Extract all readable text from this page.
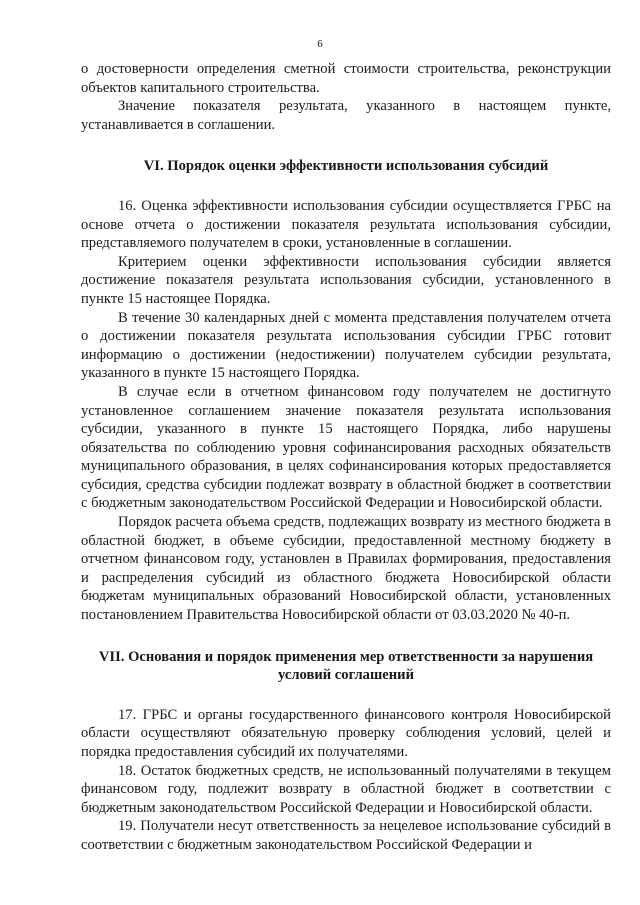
6

о достоверности определения сметной стоимости строительства, реконструкции объектов капитального строительства.

Значение показателя результата, указанного в настоящем пункте, устанавливается в соглашении.

VI. Порядок оценки эффективности использования субсидий

16. Оценка эффективности использования субсидии осуществляется ГРБС на основе отчета о достижении показателя результата использования субсидии, представляемого получателем в сроки, установленные в соглашении.

Критерием оценки эффективности использования субсидии является достижение показателя результата использования субсидии, установленного в пункте 15 настоящее Порядка.

В течение 30 календарных дней с момента представления получателем отчета о достижении показателя результата использования субсидии ГРБС готовит информацию о достижении (недостижении) получателем субсидии результата, указанного в пункте 15 настоящего Порядка.

В случае если в отчетном финансовом году получателем не достигнуто установленное соглашением значение показателя результата использования субсидии, указанного в пункте 15 настоящего Порядка, либо нарушены обязательства по соблюдению уровня софинансирования расходных обязательств муниципального образования, в целях софинансирования которых предоставляется субсидия, средства субсидии подлежат возврату в областной бюджет в соответствии с бюджетным законодательством Российской Федерации и Новосибирской области.

Порядок расчета объема средств, подлежащих возврату из местного бюджета в областной бюджет, в объеме субсидии, предоставленной местному бюджету в отчетном финансовом году, установлен в Правилах формирования, предоставления и распределения субсидий из областного бюджета Новосибирской области бюджетам муниципальных образований Новосибирской области, установленных постановлением Правительства Новосибирской области от 03.03.2020 № 40-п.

VII. Основания и порядок применения мер ответственности за нарушения условий соглашений

17. ГРБС и органы государственного финансового контроля Новосибирской области осуществляют обязательную проверку соблюдения условий, целей и порядка предоставления субсидий их получателями.

18. Остаток бюджетных средств, не использованный получателями в текущем финансовом году, подлежит возврату в областной бюджет в соответствии с бюджетным законодательством Российской Федерации и Новосибирской области.

19. Получатели несут ответственность за нецелевое использование субсидий в соответствии с бюджетным законодательством Российской Федерации и
